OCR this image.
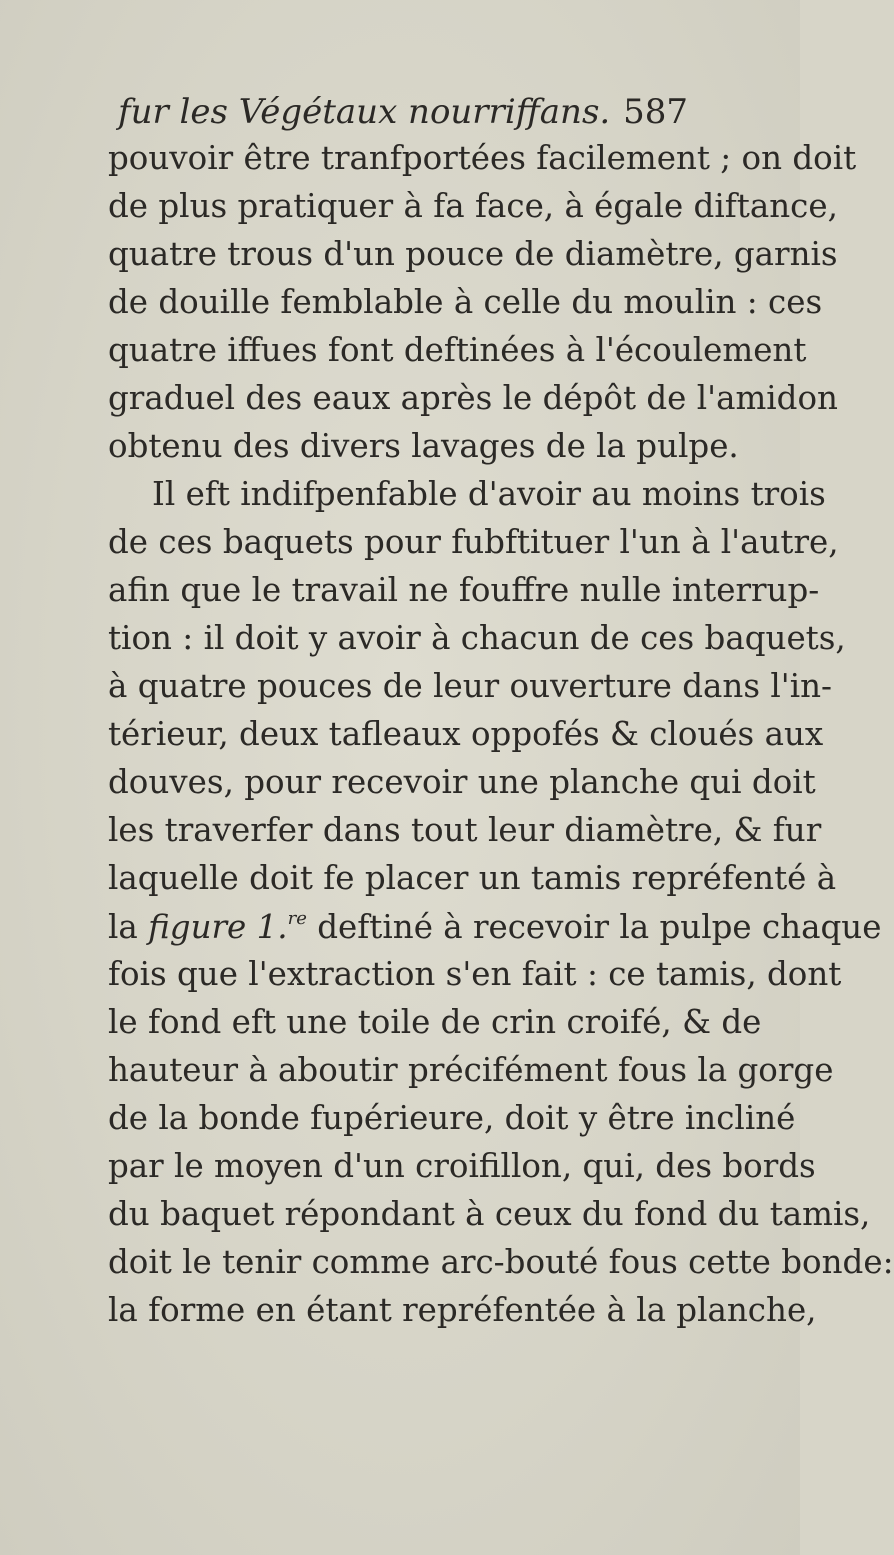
fur les Végétaux nourriffans. 587
pouvoir être tranfportées facilement ; on doit
de plus pratiquer à fa face, à égale diftance,
quatre trous d'un pouce de diamètre, garnis
de douille femblable à celle du moulin : ces
quatre iffues font deftinées à l'écoulement
graduel des eaux après le dépôt de l'amidon
obtenu des divers lavages de la pulpe.
Il eft indifpenfable d'avoir au moins trois
de ces baquets pour fubftituer l'un à l'autre,
afin que le travail ne fouffre nulle interrup-
tion : il doit y avoir à chacun de ces baquets,
à quatre pouces de leur ouverture dans l'in-
térieur, deux tafleaux oppofés & cloués aux
douves, pour recevoir une planche qui doit
les traverfer dans tout leur diamètre, & fur
laquelle doit fe placer un tamis repréfenté à
la figure 1.$^{re}$ deftiné à recevoir la pulpe chaque
fois que l'extraction s'en fait : ce tamis, dont
le fond eft une toile de crin croifé, & de
hauteur à aboutir précifément fous la gorge
de la bonde fupérieure, doit y être incliné
par le moyen d'un croifillon, qui, des bords
du baquet répondant à ceux du fond du tamis,
doit le tenir comme arc-bouté fous cette bonde:
la forme en étant repréfentée à la planche,
